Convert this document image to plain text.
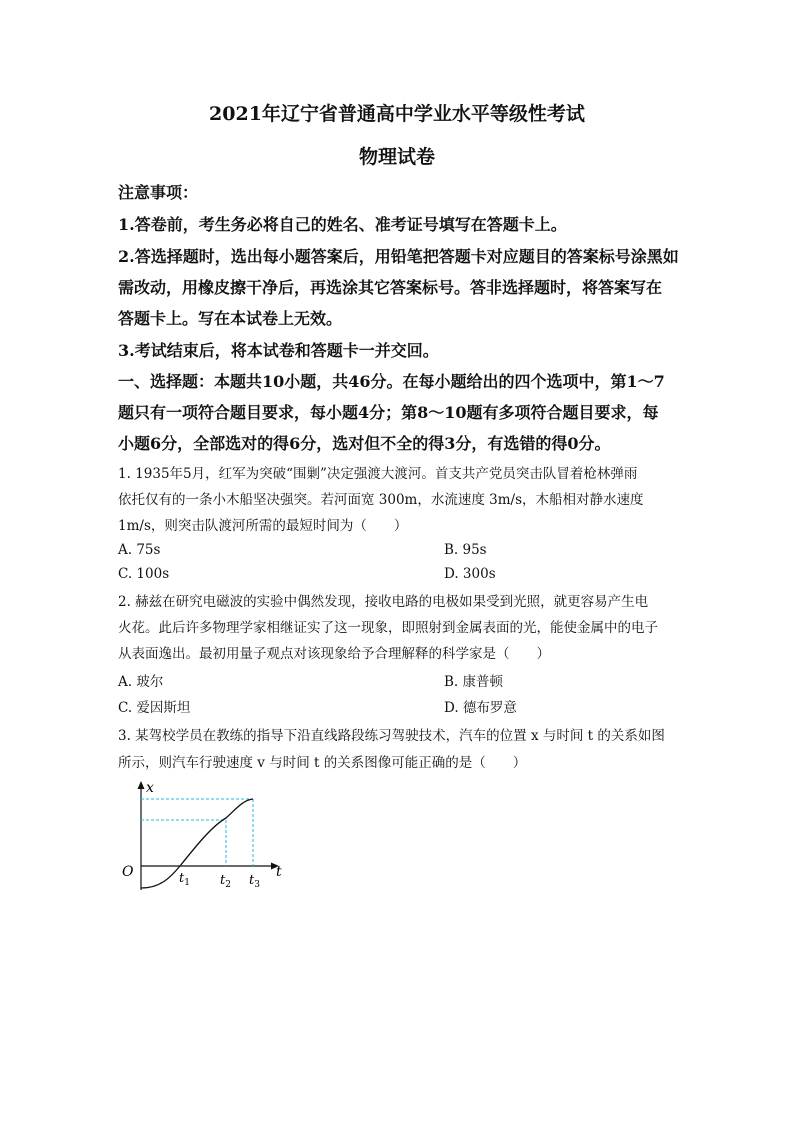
2021年辽宁省普通高中学业水平等级性考试
物理试卷
注意事项：
1.答卷前，考生务必将自己的姓名、准考证号填写在答题卡上。
2.答选择题时，选出每小题答案后，用铅笔把答题卡对应题目的答案标号涂黑如
需改动，用橡皮擦干净后，再选涂其它答案标号。答非选择题时，将答案写在
答题卡上。写在本试卷上无效。
3.考试结束后，将本试卷和答题卡一并交回。
一、选择题：本题共10小题，共46分。在每小题给出的四个选项中，第1～7
题只有一项符合题目要求，每小题4分；第8～10题有多项符合题目要求，每
小题6分，全部选对的得6分，选对但不全的得3分，有选错的得0分。
1. 1935年5月，红军为突破“围剿”决定强渡大渡河。首支共产党员突击队冒着枪林弹雨
依托仅有的一条小木船坚决强突。若河面宽 300m，水流速度 3m/s，木船相对静水速度
1m/s，则突击队渡河所需的最短时间为（　　）
A. 75s	B. 95s
C. 100s	D. 300s
2. 赫兹在研究电磁波的实验中偶然发现，接收电路的电极如果受到光照，就更容易产生电
火花。此后许多物理学家相继证实了这一现象，即照射到金属表面的光，能使金属中的电子
从表面逸出。最初用量子观点对该现象给予合理解释的科学家是（　　）
A. 玻尔	B. 康普顿
C. 爱因斯坦	D. 德布罗意
3. 某驾校学员在教练的指导下沿直线路段练习驾驶技术，汽车的位置 x 与时间 t 的关系如图
所示，则汽车行驶速度 v 与时间 t 的关系图像可能正确的是（　　）
x
t
O	$t_1$ $t_2$ $t_3$
